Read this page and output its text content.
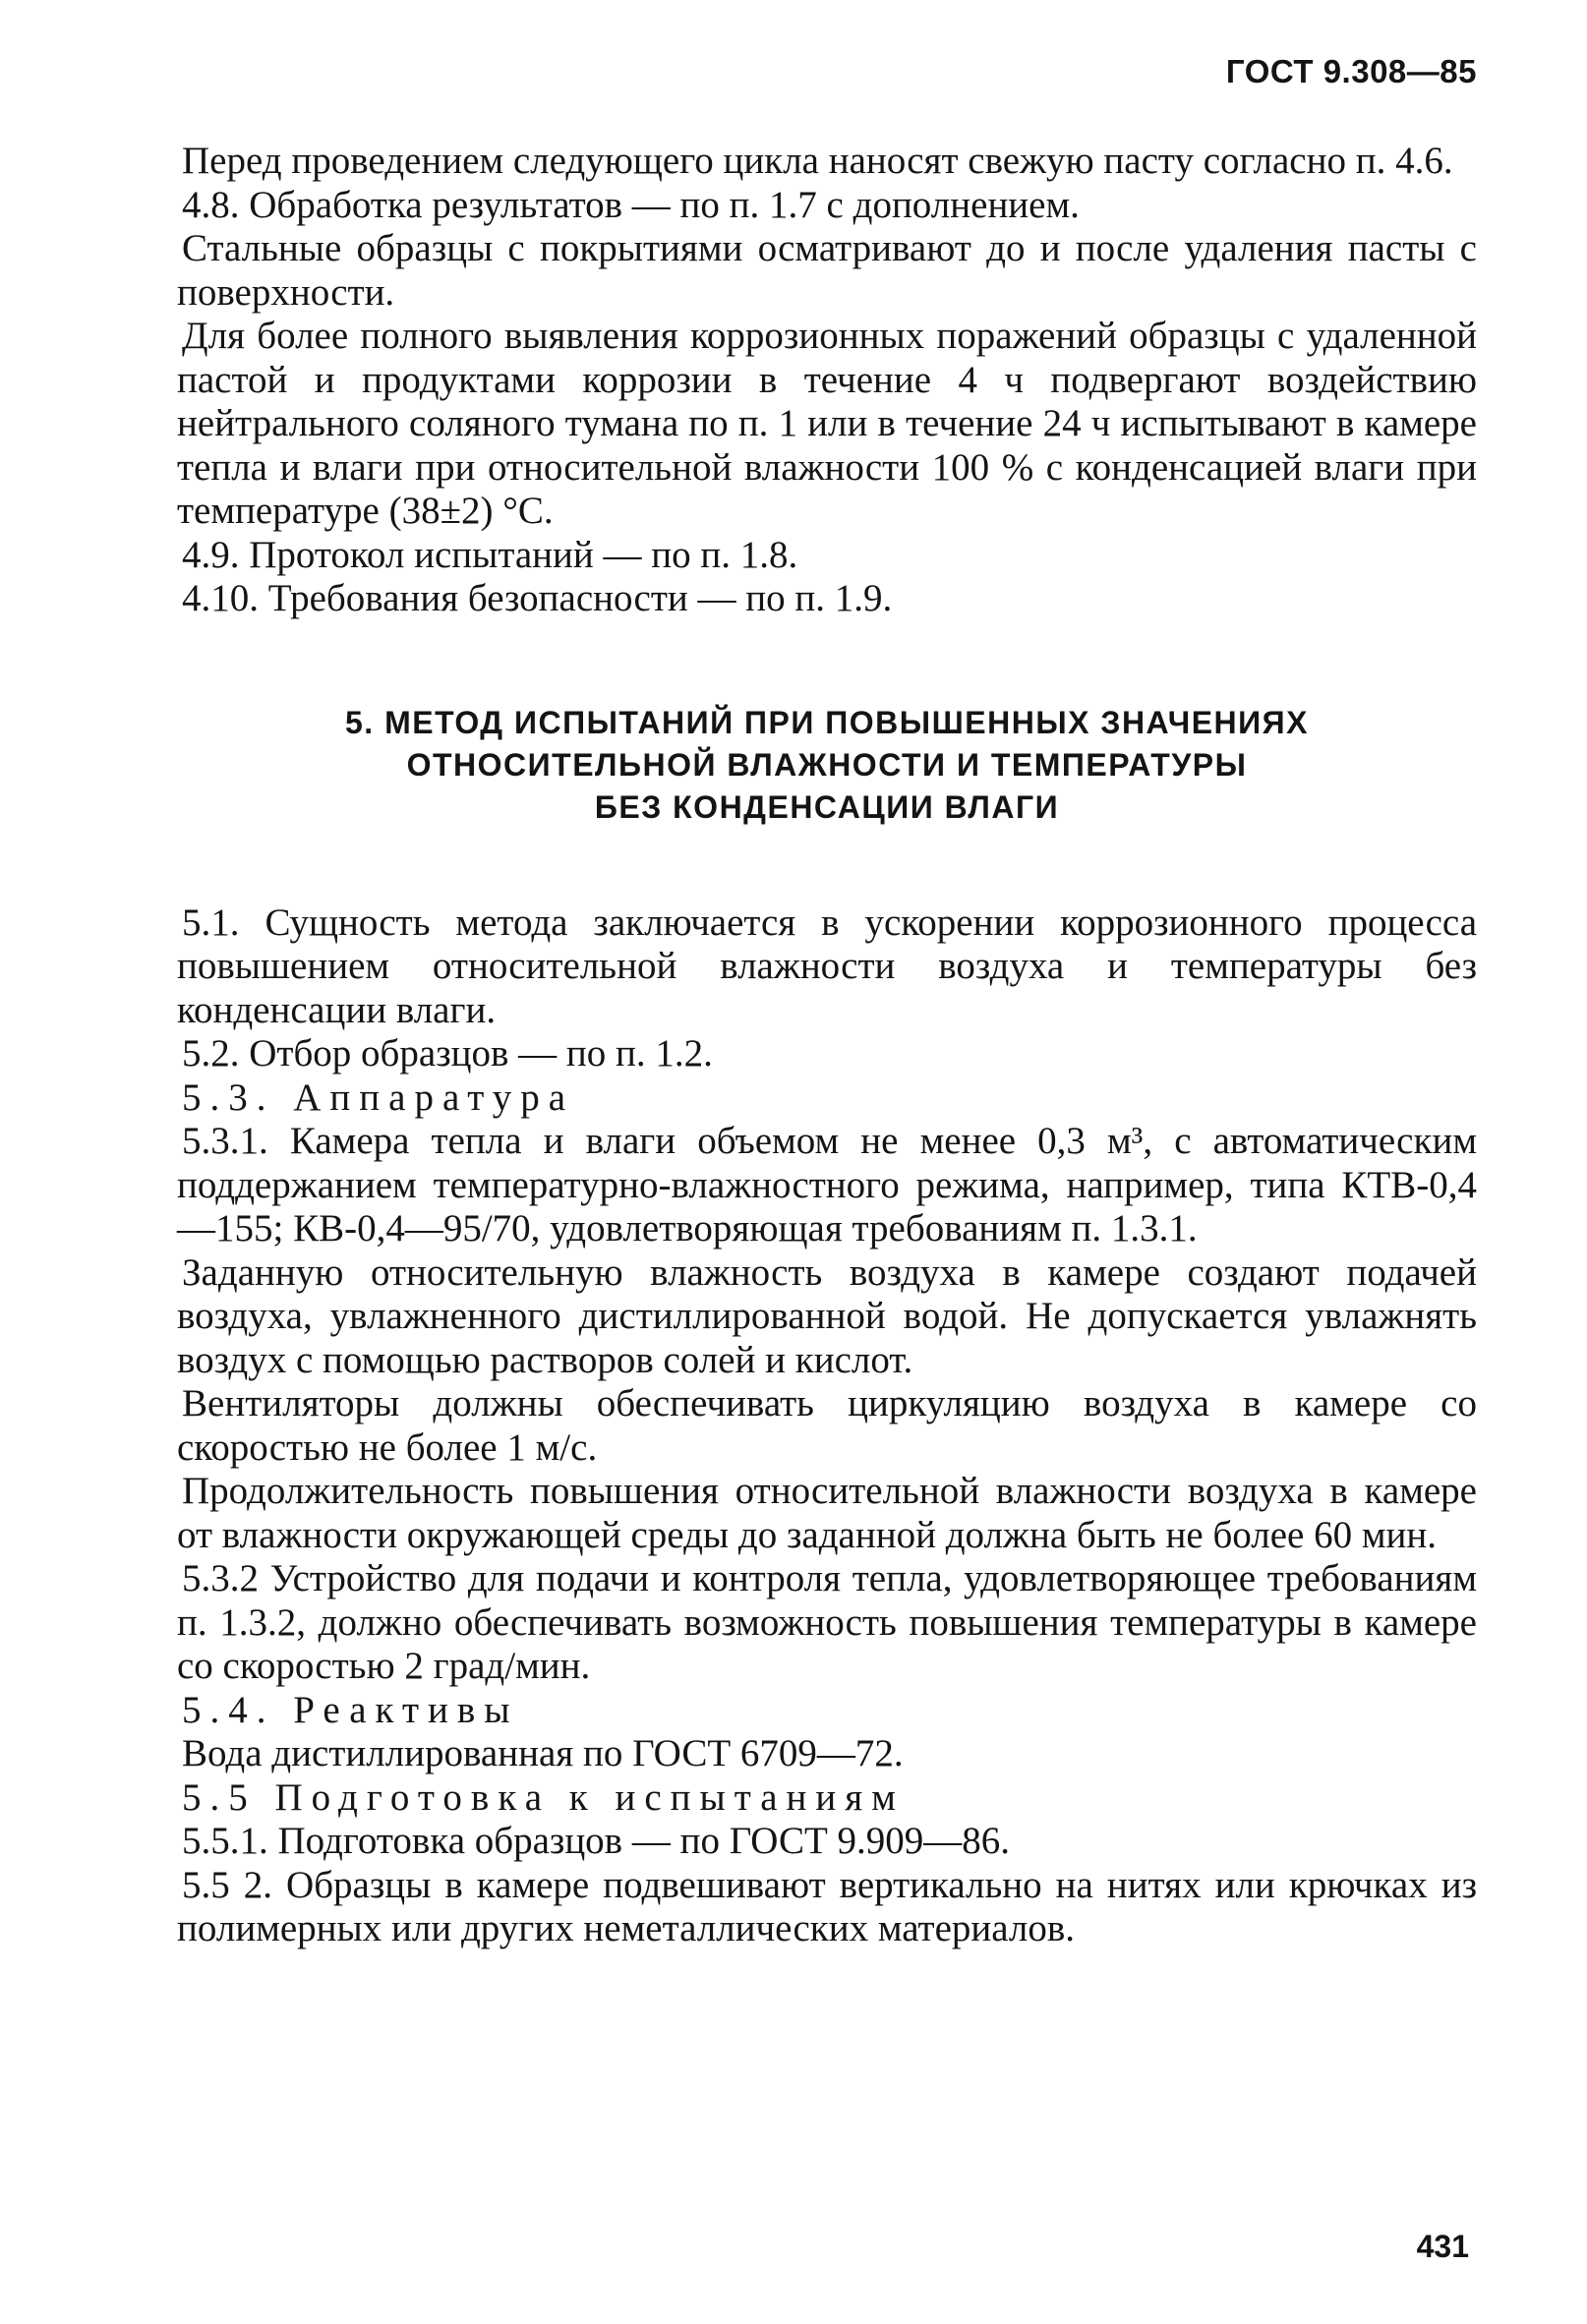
ГОСТ 9.308—85

Перед проведением следующего цикла наносят свежую пасту согласно п. 4.6.

4.8. Обработка результатов — по п. 1.7 с дополнением.

Стальные образцы с покрытиями осматривают до и после удаления пасты с поверхности.

Для более полного выявления коррозионных поражений образцы с удаленной пастой и продуктами коррозии в течение 4 ч подвергают воздействию нейтрального соляного тумана по п. 1 или в течение 24 ч испытывают в камере тепла и влаги при относительной влажности 100 % с конденсацией влаги при температуре (38±2) °С.

4.9. Протокол испытаний — по п. 1.8.

4.10. Требования безопасности — по п. 1.9.

5. МЕТОД ИСПЫТАНИЙ ПРИ ПОВЫШЕННЫХ ЗНАЧЕНИЯХ
ОТНОСИТЕЛЬНОЙ ВЛАЖНОСТИ И ТЕМПЕРАТУРЫ
БЕЗ КОНДЕНСАЦИИ ВЛАГИ

5.1. Сущность метода заключается в ускорении коррозионного процесса повышением относительной влажности воздуха и температуры без конденсации влаги.

5.2. Отбор образцов — по п. 1.2.

5.3. Аппаратура

5.3.1. Камера тепла и влаги объемом не менее 0,3 м³, с автоматическим поддержанием температурно-влажностного режима, например, типа КТВ-0,4—155; КВ-0,4—95/70, удовлетворяющая требованиям п. 1.3.1.

Заданную относительную влажность воздуха в камере создают подачей воздуха, увлажненного дистиллированной водой. Не допускается увлажнять воздух с помощью растворов солей и кислот.

Вентиляторы должны обеспечивать циркуляцию воздуха в камере со скоростью не более 1 м/с.

Продолжительность повышения относительной влажности воздуха в камере от влажности окружающей среды до заданной должна быть не более 60 мин.

5.3.2 Устройство для подачи и контроля тепла, удовлетворяющее требованиям п. 1.3.2, должно обеспечивать возможность повышения температуры в камере со скоростью 2 град/мин.

5.4. Реактивы

Вода дистиллированная по ГОСТ 6709—72.

5.5 Подготовка к испытаниям

5.5.1. Подготовка образцов — по ГОСТ 9.909—86.

5.5 2. Образцы в камере подвешивают вертикально на нитях или крючках из полимерных или других неметаллических материалов.

431
